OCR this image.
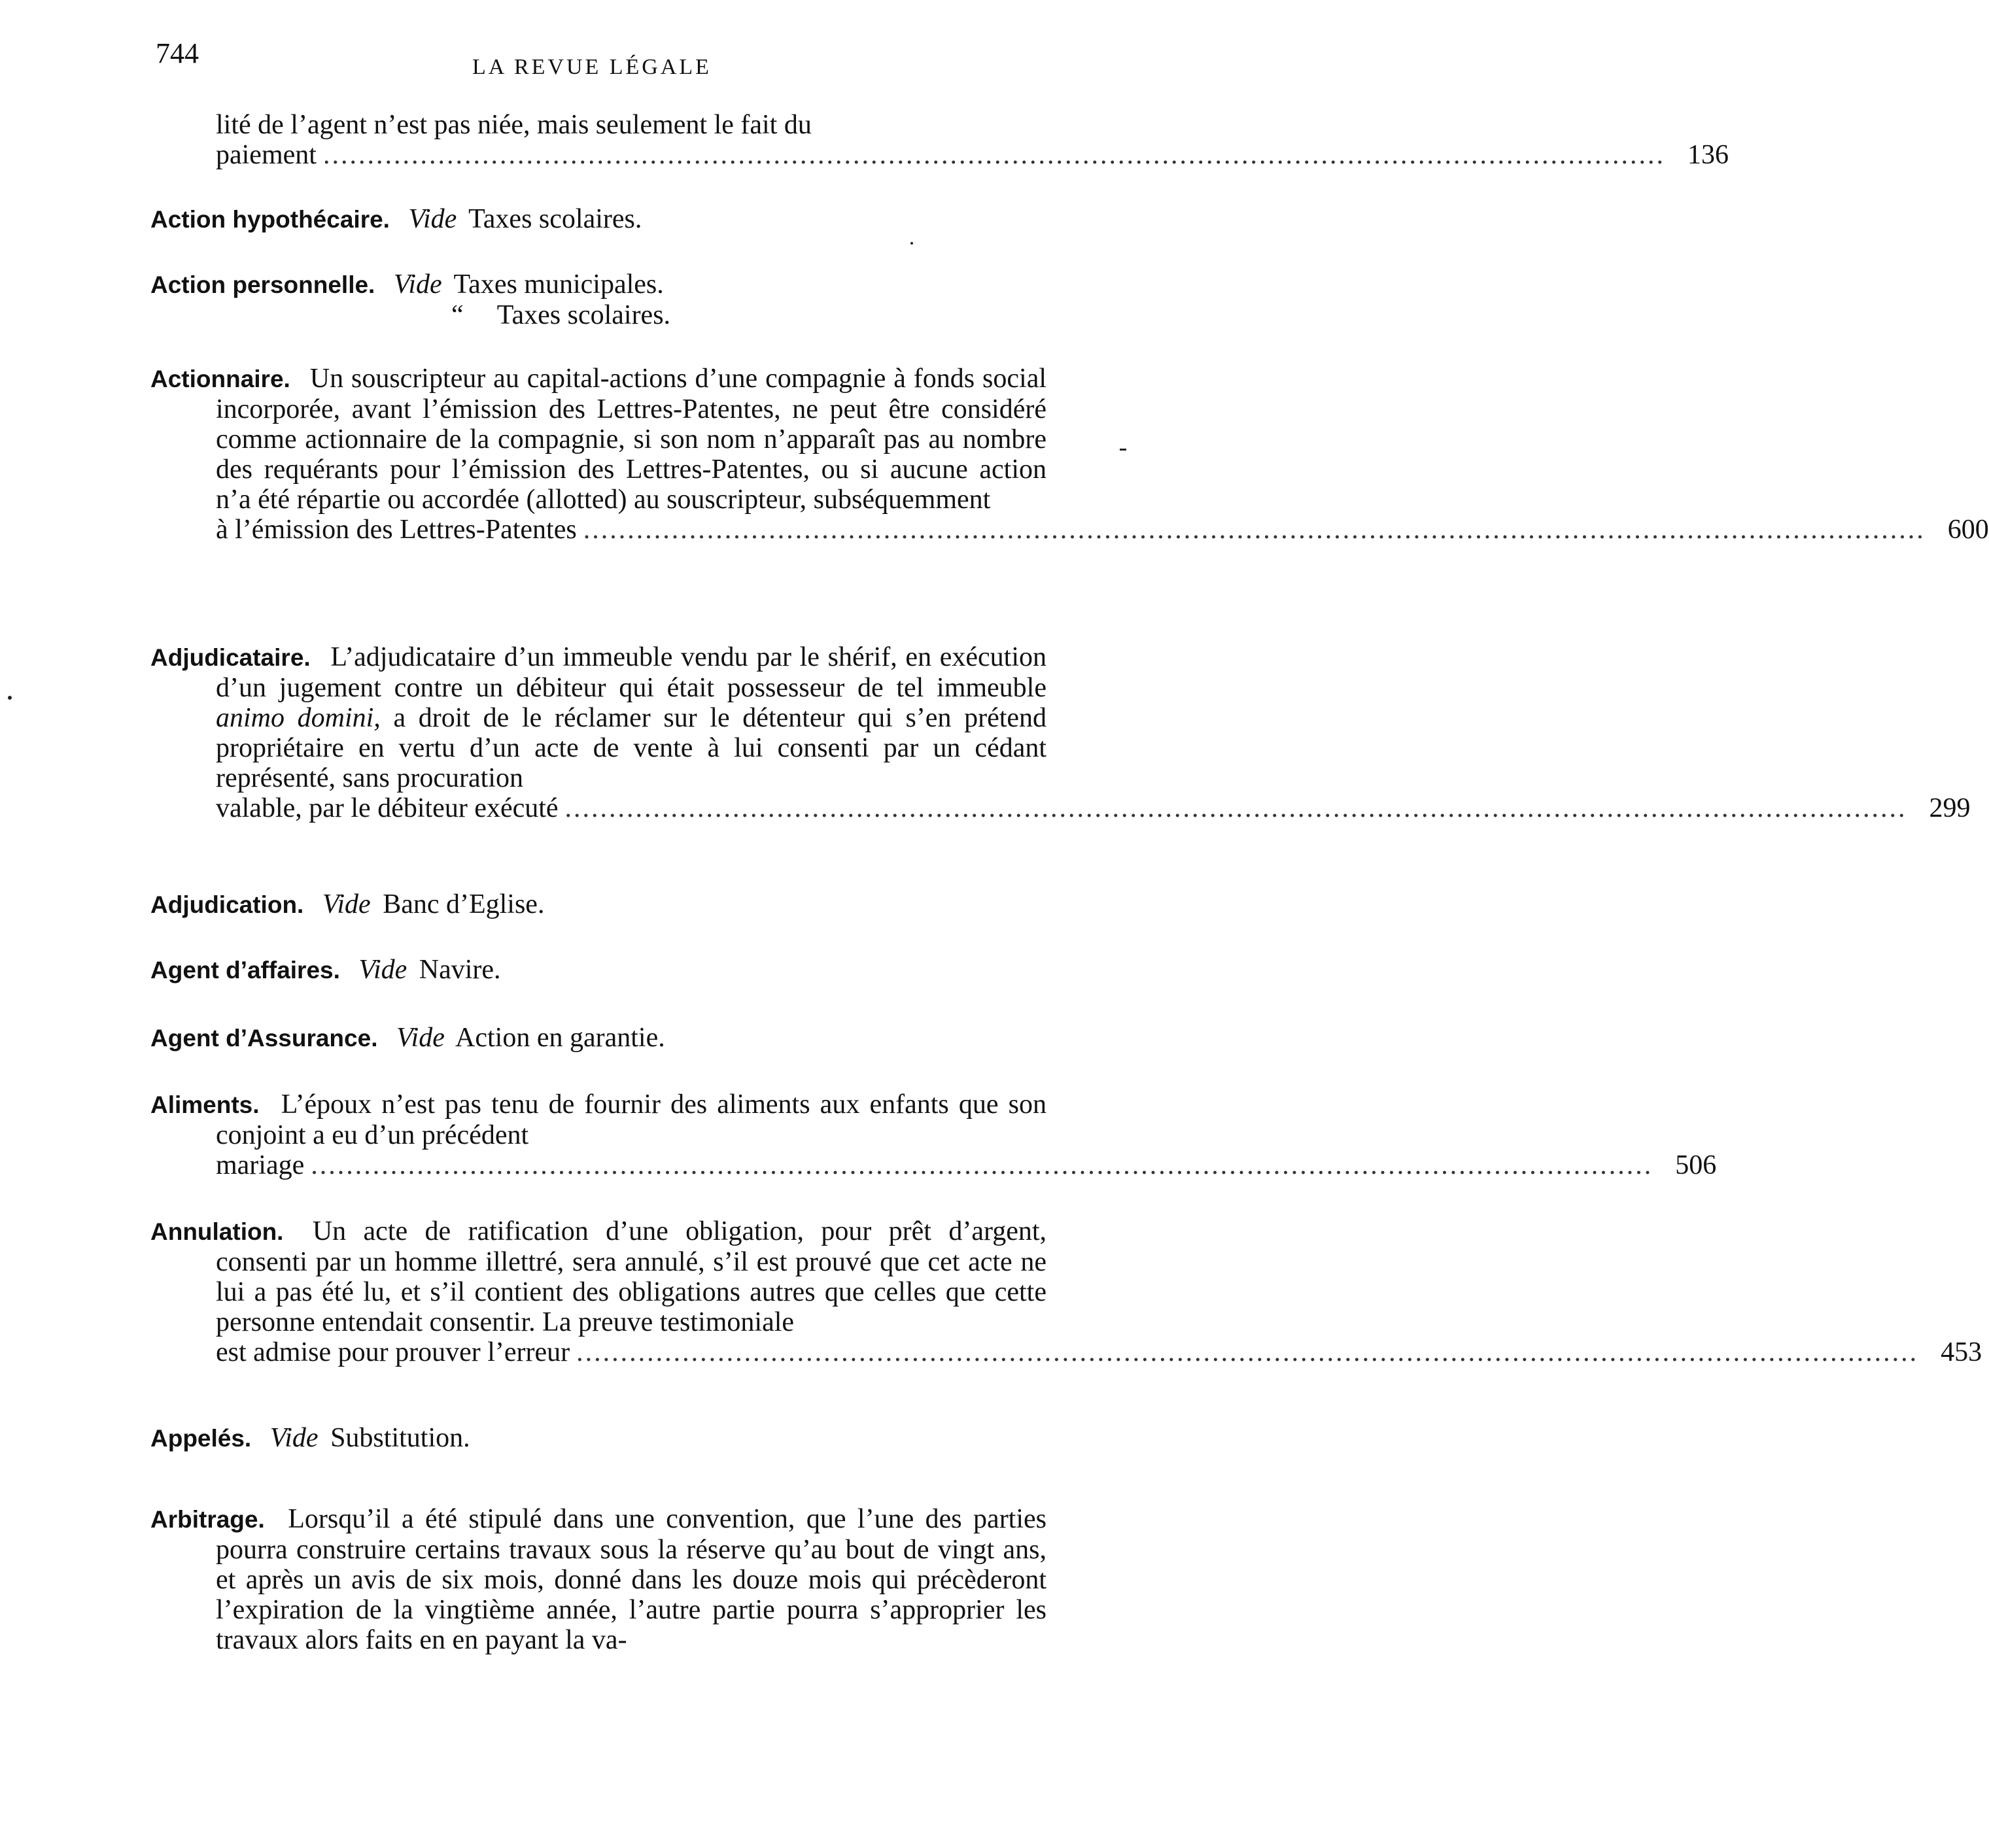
744	LA REVUE LÉGALE
lité de l’agent n’est pas niée, mais seulement le fait du
paiement ........................................................................................................................................................ 136
Action hypothécaire. Vide Taxes scolaires.
Action personnelle. Vide Taxes municipales.
“ Taxes scolaires.
Actionnaire. Un souscripteur au capital-actions d’une compagnie à fonds social incorporée, avant l’émission des Lettres-Patentes, ne peut être considéré comme actionnaire de la compagnie, si son nom n’apparaît pas au nombre des requérants pour l’émission des Lettres-Patentes, ou si aucune action n’a été répartie ou accordée (allotted) au souscripteur, subséquemment
à l’émission des Lettres-Patentes ........................................................................................................................................................ 600
Adjudicataire. L’adjudicataire d’un immeuble vendu par le shérif, en exécution d’un jugement contre un débiteur qui était possesseur de tel immeuble animo domini, a droit de le réclamer sur le détenteur qui s’en prétend propriétaire en vertu d’un acte de vente à lui consenti par un cédant représenté, sans procuration
valable, par le débiteur exécuté ........................................................................................................................................................ 299
Adjudication. Vide Banc d’Eglise.
Agent d’affaires. Vide Navire.
Agent d’Assurance. Vide Action en garantie.
Aliments. L’époux n’est pas tenu de fournir des aliments aux enfants que son conjoint a eu d’un précédent
mariage ........................................................................................................................................................ 506
Annulation. Un acte de ratification d’une obligation, pour prêt d’argent, consenti par un homme illettré, sera annulé, s’il est prouvé que cet acte ne lui a pas été lu, et s’il contient des obligations autres que celles que cette personne entendait consentir. La preuve testimoniale
est admise pour prouver l’erreur ........................................................................................................................................................ 453
Appelés. Vide Substitution.
Arbitrage. Lorsqu’il a été stipulé dans une convention, que l’une des parties pourra construire certains travaux sous la réserve qu’au bout de vingt ans, et après un avis de six mois, donné dans les douze mois qui précèderont l’expiration de la vingtième année, l’autre partie pourra s’approprier les travaux alors faits en en payant la va-
